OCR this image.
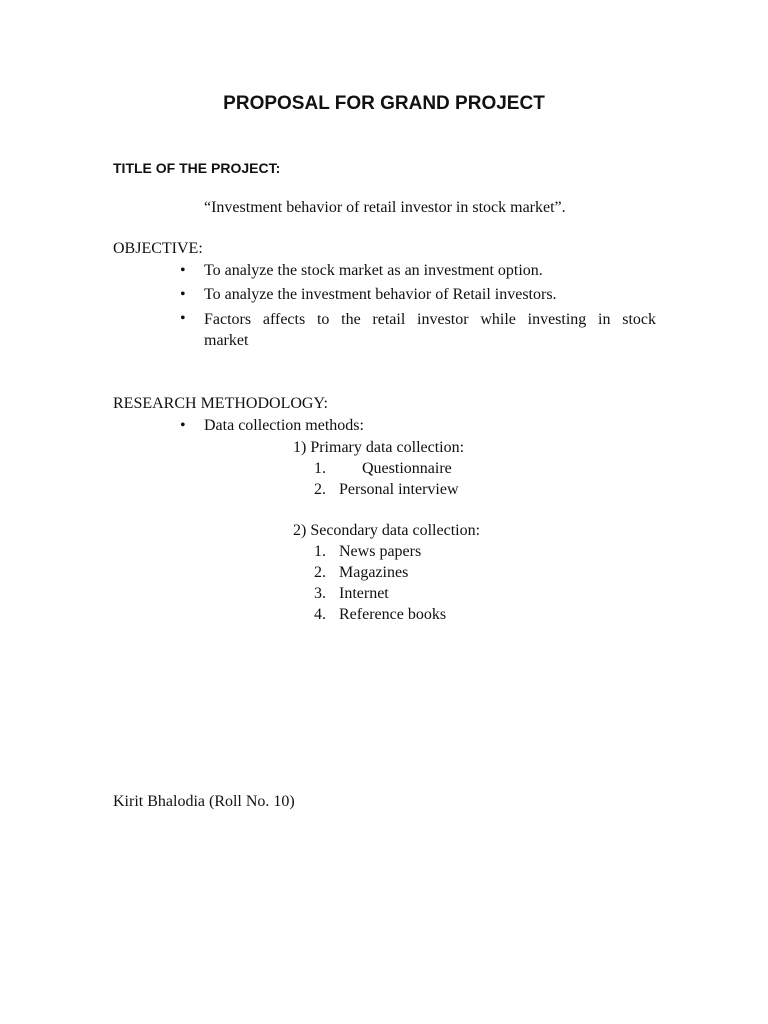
PROPOSAL FOR GRAND PROJECT
TITLE OF THE PROJECT:
“Investment behavior of retail investor in stock market”.
OBJECTIVE:
• To analyze the stock market as an investment option.
• To analyze the investment behavior of Retail investors.
• Factors affects to the retail investor while investing in stock
market
RESEARCH METHODOLOGY:
• Data collection methods:
1) Primary data collection:
1. Questionnaire
2. Personal interview
2) Secondary data collection:
1. News papers
2. Magazines
3. Internet
4. Reference books
Kirit Bhalodia (Roll No. 10)
